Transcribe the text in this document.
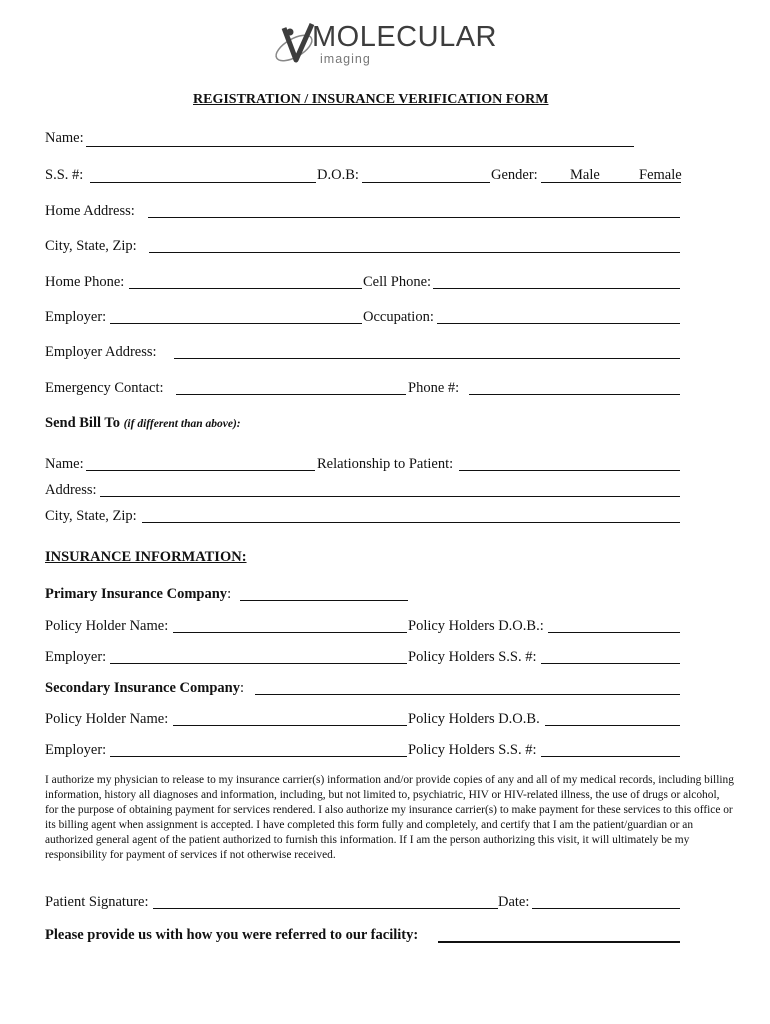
MOLECULAR
imaging
REGISTRATION / INSURANCE VERIFICATION FORM
Name:
S.S. #:	D.O.B:	Gender: Male	Female
Home Address:
City, State, Zip:
Home Phone:	Cell Phone:
Employer:	Occupation:
Employer Address:
Emergency Contact:	Phone #:
Send Bill To (if different than above):
Name:	Relationship to Patient:
Address:
City, State, Zip:
INSURANCE INFORMATION:
Primary Insurance Company:
Policy Holder Name:	Policy Holders D.O.B.:
Employer:	Policy Holders S.S. #:
Secondary Insurance Company:
Policy Holder Name:	Policy Holders D.O.B.
Employer:	Policy Holders S.S. #:
I authorize my physician to release to my insurance carrier(s) information and/or provide copies of any and all of my medical records, including billing information, history all diagnoses and information, including, but not limited to, psychiatric, HIV or HIV-related illness, the use of drugs or alcohol, for the purpose of obtaining payment for services rendered. I also authorize my insurance carrier(s) to make payment for these services to this office or its billing agent when assignment is accepted. I have completed this form fully and completely, and certify that I am the patient/guardian or an authorized general agent of the patient authorized to furnish this information. If I am the person authorizing this visit, it will ultimately be my responsibility for payment of services if not otherwise received.
Patient Signature:	Date:
Please provide us with how you were referred to our facility:
